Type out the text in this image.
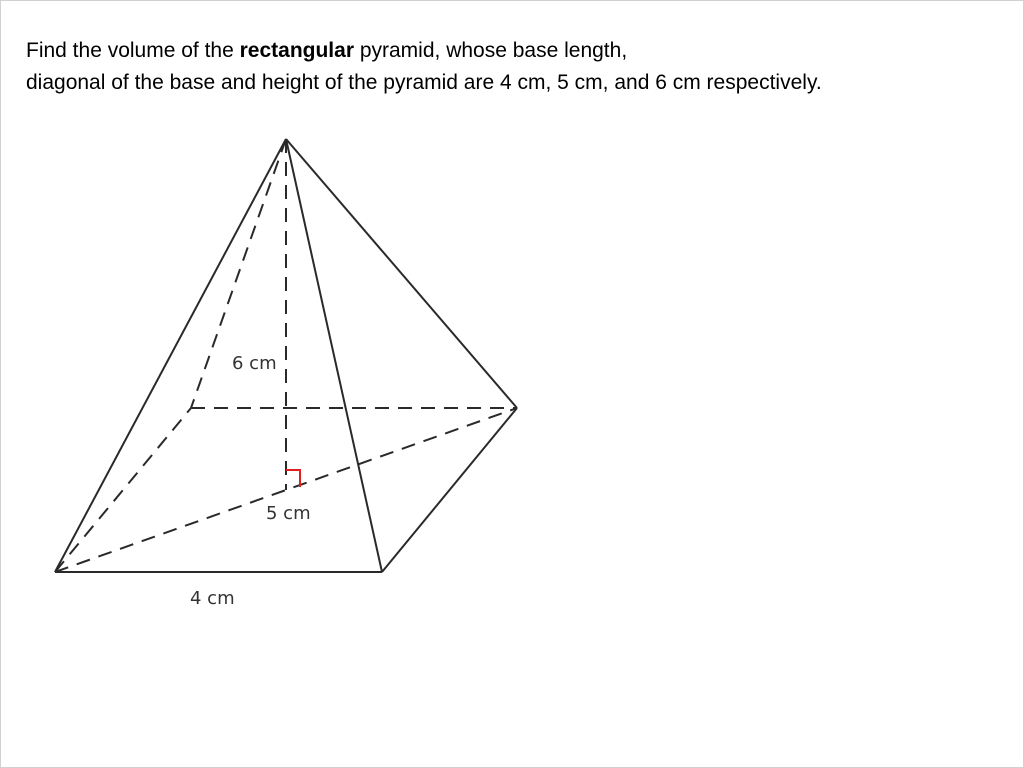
Find the volume of the rectangular pyramid, whose base length,
diagonal of the base and height of the pyramid are 4 cm, 5 cm, and 6 cm respectively.

6 cm
5 cm
4 cm
